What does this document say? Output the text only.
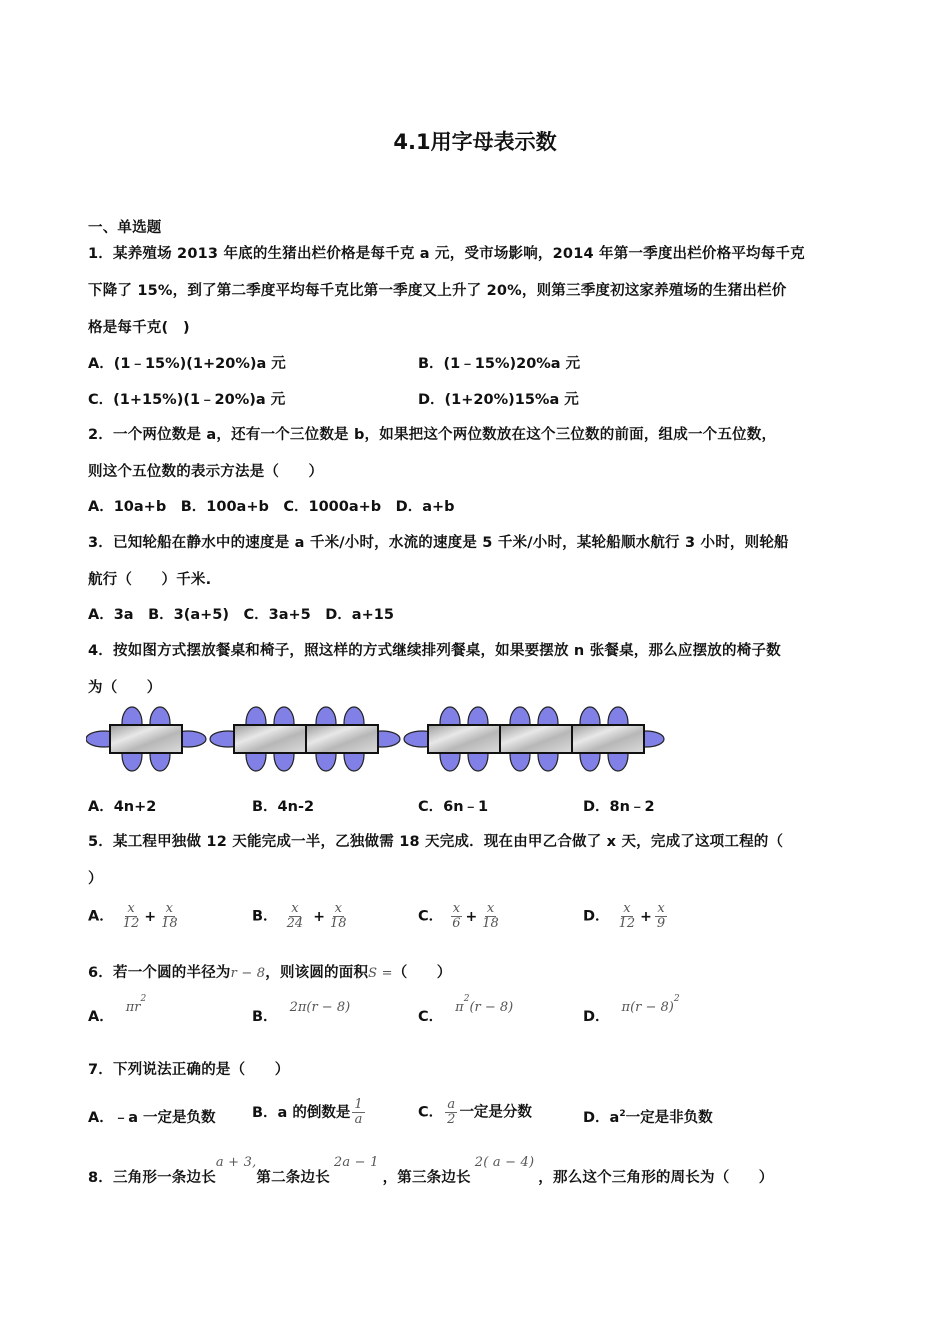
4.1用字母表示数
一、单选题
1．某养殖场 2013 年底的生猪出栏价格是每千克 a 元，受市场影响，2014 年第一季度出栏价格平均每千克
下降了 15%，到了第二季度平均每千克比第一季度又上升了 20%，则第三季度初这家养殖场的生猪出栏价
格是每千克(　)
A．(1﹣15%)(1+20%)a 元	B．(1﹣15%)20%a 元
C．(1+15%)(1﹣20%)a 元	D．(1+20%)15%a 元
2．一个两位数是 a，还有一个三位数是 b，如果把这个两位数放在这个三位数的前面，组成一个五位数，
则这个五位数的表示方法是（　　）
A．10a+b　B．100a+b　C．1000a+b　D．a+b
3．已知轮船在静水中的速度是 a 千米/小时，水流的速度是 5 千米/小时，某轮船顺水航行 3 小时，则轮船
航行（　　）千米.
A．3a　B．3(a+5)　C．3a+5　D．a+15
4．按如图方式摆放餐桌和椅子，照这样的方式继续排列餐桌，如果要摆放 n 张餐桌，那么应摆放的椅子数
为（　　）
A．4n+2	B．4n-2	C．6n﹣1	D．8n﹣2
5．某工程甲独做 12 天能完成一半，乙独做需 18 天完成．现在由甲乙合做了 x 天，完成了这项工程的（
）
A． $\frac{x}{12} + \frac{x}{18}$	B． $\frac{x}{24} + \frac{x}{18}$	C． $\frac{x}{6} + \frac{x}{18}$	D． $\frac{x}{12} + \frac{x}{9}$
6．若一个圆的半径为r − 8，则该圆的面积S =（　　）
A．$\pi r^2$
B．2π(r − 8)
C．$\pi^2(r - 8)$
D．$\pi(r - 8)^2$
7．下列说法正确的是（　　）
A．﹣a 一定是负数	B．a 的倒数是 $\frac{1}{a}$	C． $\frac{a}{2}$ 一定是分数	D．$a^2$一定是非负数
8．三角形一条边长a + 3,第二条边长2a − 1，第三条边长2( a − 4)，那么这个三角形的周长为（　　）
